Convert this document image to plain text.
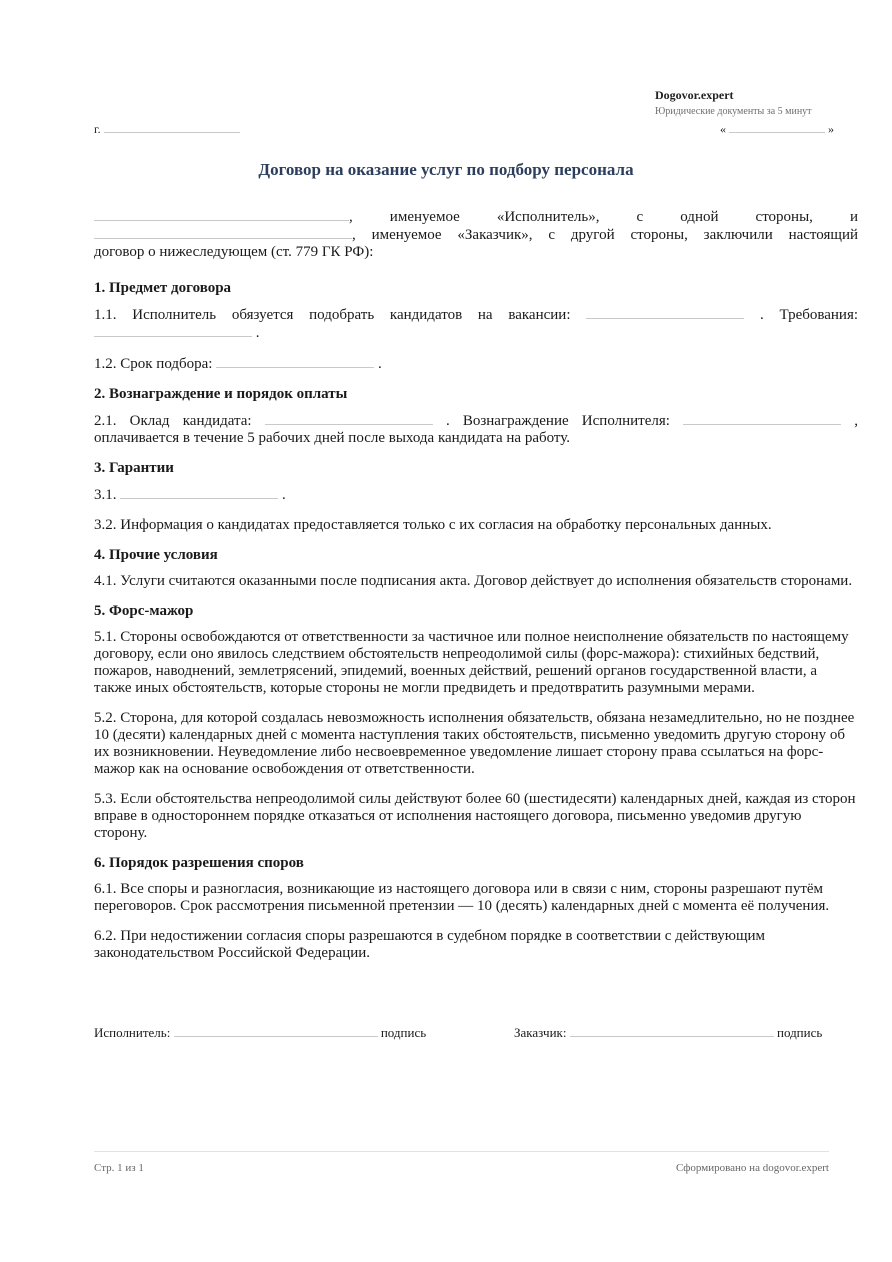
Dogovor.expert
Юридические документы за 5 минут
г.	«	»
Договор на оказание услуг по подбору персонала

, именуемое «Исполнитель», с одной стороны, и

, именуемое «Заказчик», с другой стороны, заключили настоящий

договор о нижеследующем (ст. 779 ГК РФ):

1. Предмет договора

1.1. Исполнитель обязуется подобрать кандидатов на вакансии:	. Требования:

.

1.2. Срок подбора:	.

2. Вознаграждение и порядок оплаты

2.1. Оклад кандидата:	. Вознаграждение Исполнителя:	,

оплачивается в течение 5 рабочих дней после выхода кандидата на работу.

3. Гарантии

3.1.	.

3.2. Информация о кандидатах предоставляется только с их согласия на обработку персональных данных.

4. Прочие условия

4.1. Услуги считаются оказанными после подписания акта. Договор действует до исполнения обязательств сторонами.

5. Форс-мажор

5.1. Стороны освобождаются от ответственности за частичное или полное неисполнение обязательств по настоящему договору, если оно явилось следствием обстоятельств непреодолимой силы (форс-мажора): стихийных бедствий, пожаров, наводнений, землетрясений, эпидемий, военных действий, решений органов государственной власти, а также иных обстоятельств, которые стороны не могли предвидеть и предотвратить разумными мерами.

5.2. Сторона, для которой создалась невозможность исполнения обязательств, обязана незамедлительно, но не позднее 10 (десяти) календарных дней с момента наступления таких обстоятельств, письменно уведомить другую сторону об их возникновении. Неуведомление либо несвоевременное уведомление лишает сторону права ссылаться на форс-мажор как на основание освобождения от ответственности.

5.3. Если обстоятельства непреодолимой силы действуют более 60 (шестидесяти) календарных дней, каждая из сторон вправе в одностороннем порядке отказаться от исполнения настоящего договора, письменно уведомив другую сторону.

6. Порядок разрешения споров

6.1. Все споры и разногласия, возникающие из настоящего договора или в связи с ним, стороны разрешают путём переговоров. Срок рассмотрения письменной претензии — 10 (десять) календарных дней с момента её получения.

6.2. При недостижении согласия споры разрешаются в судебном порядке в соответствии с действующим законодательством Российской Федерации.

Исполнитель:	подпись	Заказчик:	подпись
Стр. 1 из 1	Сформировано на dogovor.expert
